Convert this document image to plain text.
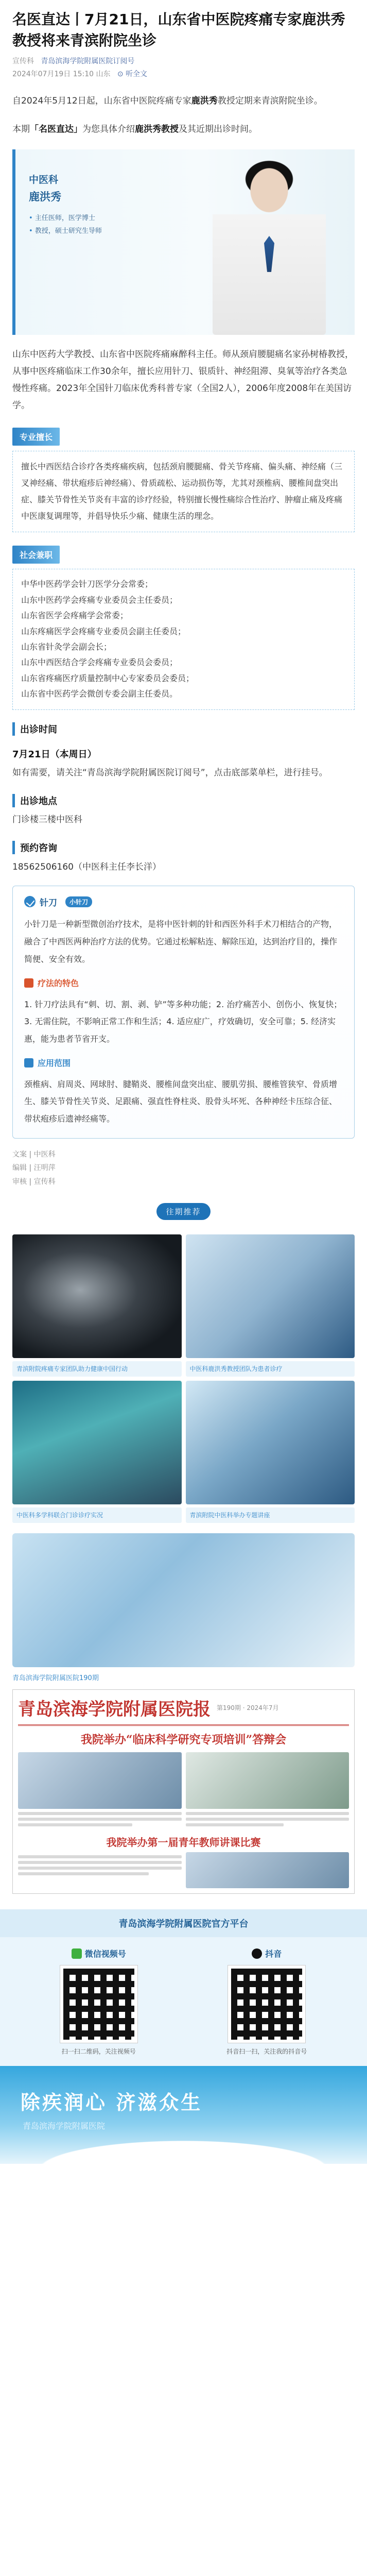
名医直达丨7月21日，山东省中医院疼痛专家鹿洪秀教授将来青滨附院坐诊
宣传科 青岛滨海学院附属医院订阅号
2024年07月19日 15:10 山东 ⊙ 听全文

自2024年5月12日起，山东省中医院疼痛专家鹿洪秀教授定期来青滨附院坐诊。

本期「名医直达」为您具体介绍鹿洪秀教授及其近期出诊时间。

中医科
鹿洪秀
• 主任医师，医学博士
• 教授，硕士研究生导师

山东中医药大学教授、山东省中医院疼痛麻醉科主任。师从颈肩腰腿痛名家孙树椿教授，从事中医疼痛临床工作30余年，擅长应用针刀、银质针、神经阻滞、臭氧等治疗各类急慢性疼痛。2023年全国针刀临床优秀科普专家（全国2人），2006年度2008年在美国访学。

专业擅长
擅长中西医结合诊疗各类疼痛疾病，包括颈肩腰腿痛、骨关节疼痛、偏头痛、神经痛（三叉神经痛、带状疱疹后神经痛）、骨质疏松、运动损伤等，尤其对颈椎病、腰椎间盘突出症、膝关节骨性关节炎有丰富的诊疗经验，特别擅长慢性痛综合性治疗、肿瘤止痛及疼痛中医康复调理等，并倡导快乐少痛、健康生活的理念。
社会兼职
中华中医药学会针刀医学分会常委；
山东中医药学会疼痛专业委员会主任委员；
山东省医学会疼痛学会常委；
山东疼痛医学会疼痛专业委员会副主任委员；
山东省针灸学会副会长；
山东中西医结合学会疼痛专业委员会委员；
山东省疼痛医疗质量控制中心专家委员会委员；
山东省中医药学会微创专委会副主任委员。
出诊时间
7月21日（本周日）

如有需要，请关注“青岛滨海学院附属医院订阅号”，点击底部菜单栏，进行挂号。

出诊地点

门诊楼三楼中医科

预约咨询

18562506160（中医科主任李长洋）

针刀	小针刀

小针刀是一种新型微创治疗技术，是将中医针刺的针和西医外科手术刀相结合的产物，融合了中西医两种治疗方法的优势。它通过松解粘连、解除压迫，达到治疗目的，操作简便、安全有效。

疗法的特色

1. 针刀疗法具有“刺、切、割、剥、铲”等多种功能；2. 治疗痛苦小、创伤小、恢复快；3. 无需住院，不影响正常工作和生活；4. 适应症广，疗效确切，安全可靠；5. 经济实惠，能为患者节省开支。

应用范围

颈椎病、肩周炎、网球肘、腱鞘炎、腰椎间盘突出症、腰肌劳损、腰椎管狭窄、骨质增生、膝关节骨性关节炎、足跟痛、强直性脊柱炎、股骨头坏死、各种神经卡压综合征、带状疱疹后遗神经痛等。

文案 | 中医科
编辑 | 汪明萍
审核 | 宣传科
往期推荐
青滨附院疼痛专家团队助力健康中国行动	中医科鹿洪秀教授团队为患者诊疗
中医科多学科联合门诊诊疗实况	青滨附院中医科举办专题讲座
青岛滨海学院附属医院190期
青岛滨海学院附属医院报 第190期 · 2024年7月
我院举办“临床科学研究专项培训”答辩会
我院举办第一届青年教师讲课比赛
青岛滨海学院附属医院官方平台
微信视频号
扫一扫二维码，关注视频号
抖音
抖音扫一扫，关注我的抖音号
除疾润心 济滋众生
青岛滨海学院附属医院
